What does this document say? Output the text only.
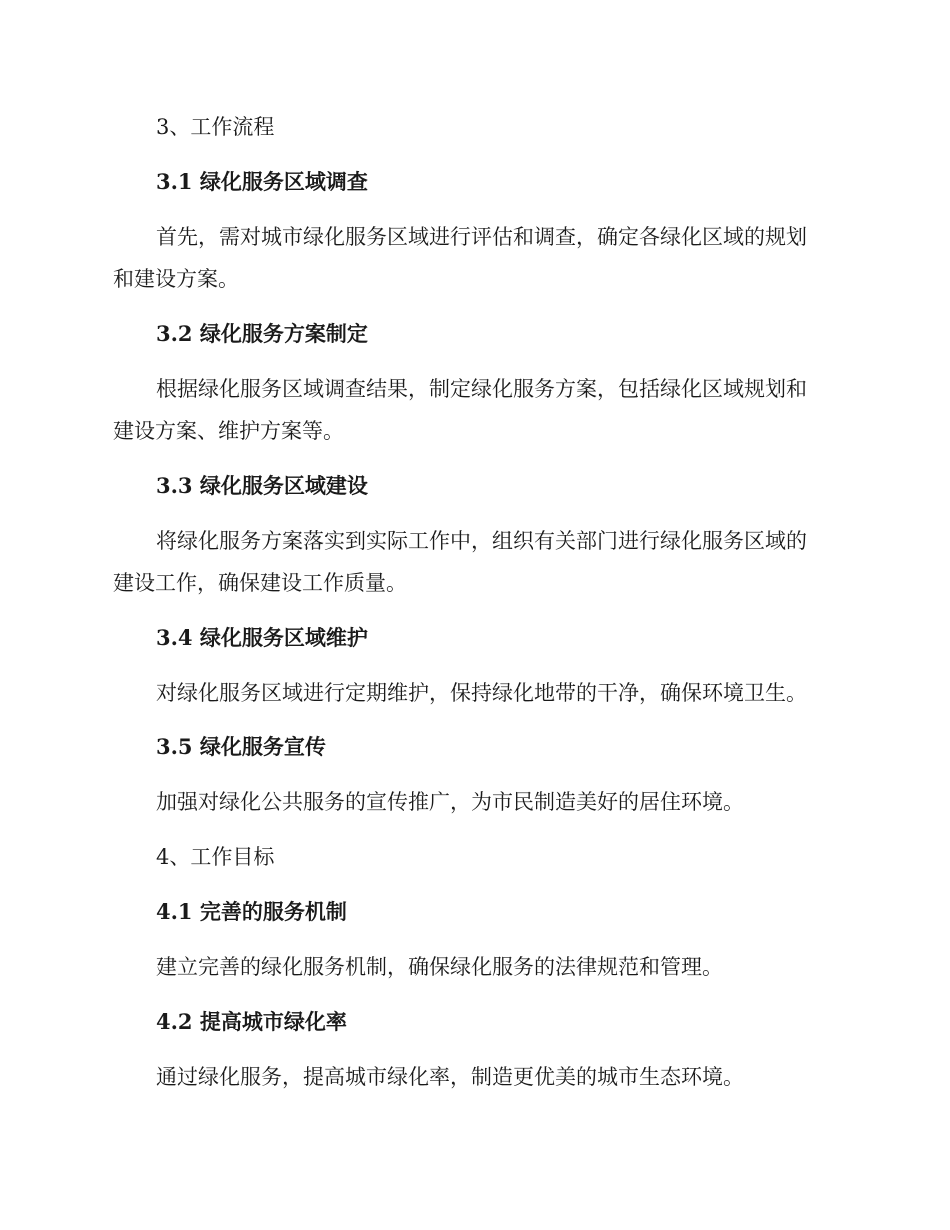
3、工作流程
3.1 绿化服务区域调查
首先，需对城市绿化服务区域进行评估和调查，确定各绿化区域的规划
和建设方案。
3.2 绿化服务方案制定
根据绿化服务区域调查结果，制定绿化服务方案，包括绿化区域规划和
建设方案、维护方案等。
3.3 绿化服务区域建设
将绿化服务方案落实到实际工作中，组织有关部门进行绿化服务区域的
建设工作，确保建设工作质量。
3.4 绿化服务区域维护
对绿化服务区域进行定期维护，保持绿化地带的干净，确保环境卫生。
3.5 绿化服务宣传
加强对绿化公共服务的宣传推广，为市民制造美好的居住环境。
4、工作目标
4.1 完善的服务机制
建立完善的绿化服务机制，确保绿化服务的法律规范和管理。
4.2 提高城市绿化率
通过绿化服务，提高城市绿化率，制造更优美的城市生态环境。
